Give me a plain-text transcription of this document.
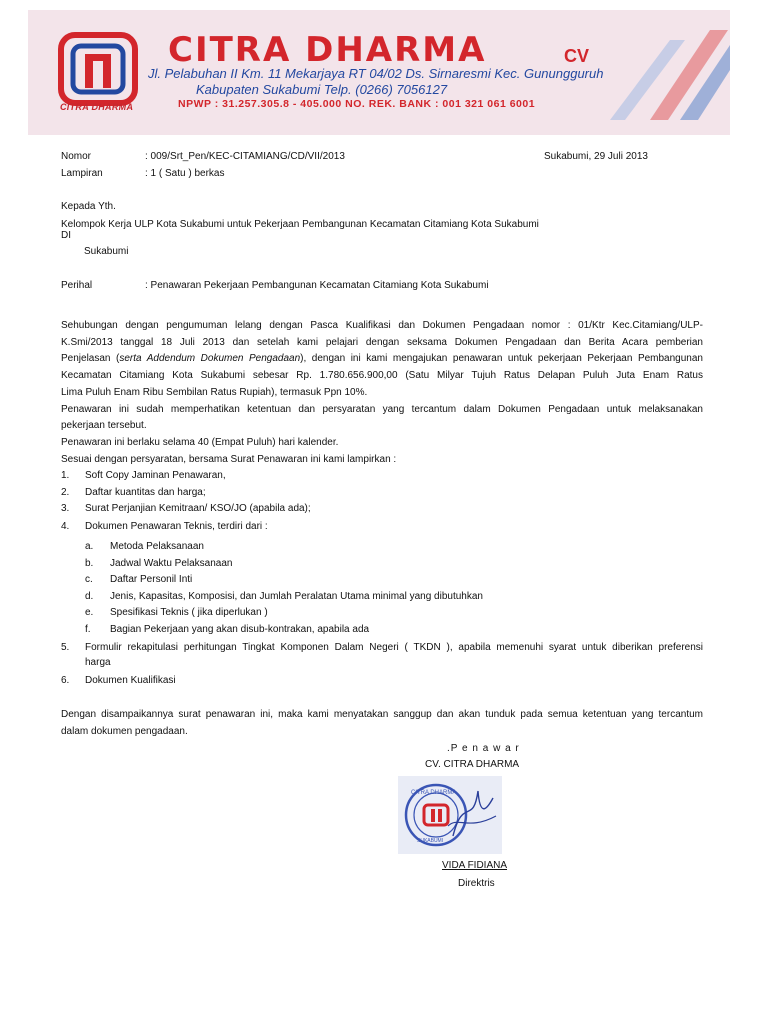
CITRA DHARMA
CITRA DHARMA	CV
Jl. Pelabuhan II Km. 11 Mekarjaya RT 04/02 Ds. Sirnaresmi Kec. Gunungguruh
Kabupaten Sukabumi Telp. (0266) 7056127
NPWP : 31.257.305.8 - 405.000 NO. REK. BANK : 001 321 061 6001
Nomor	: 009/Srt_Pen/KEC-CITAMIANG/CD/VII/2013	Sukabumi, 29 Juli 2013
Lampiran	: 1 ( Satu ) berkas
Kepada Yth.
Kelompok Kerja ULP Kota Sukabumi untuk Pekerjaan Pembangunan Kecamatan Citamiang Kota Sukabumi
DI
Sukabumi
Perihal	: Penawaran Pekerjaan Pembangunan Kecamatan Citamiang Kota Sukabumi
Sehubungan dengan pengumuman lelang dengan Pasca Kualifikasi dan Dokumen Pengadaan nomor : 01/Ktr Kec.Citamiang/ULP-
K.Smi/2013 tanggal 18 Juli 2013 dan setelah kami pelajari dengan seksama Dokumen Pengadaan dan Berita Acara pemberian
Penjelasan (serta Addendum Dokumen Pengadaan), dengan ini kami mengajukan penawaran untuk pekerjaan Pekerjaan Pembangunan
Kecamatan Citamiang Kota Sukabumi sebesar Rp. 1.780.656.900,00 (Satu Milyar Tujuh Ratus Delapan Puluh Juta Enam Ratus
Lima Puluh Enam Ribu Sembilan Ratus Rupiah), termasuk Ppn 10%.
Penawaran ini sudah memperhatikan ketentuan dan persyaratan yang tercantum dalam Dokumen Pengadaan untuk melaksanakan
pekerjaan tersebut.
Penawaran ini berlaku selama 40 (Empat Puluh) hari kalender.
Sesuai dengan persyaratan, bersama Surat Penawaran ini kami lampirkan :
1. Soft Copy Jaminan Penawaran,
2. Daftar kuantitas dan harga;
3. Surat Perjanjian Kemitraan/ KSO/JO (apabila ada);
4. Dokumen Penawaran Teknis, terdiri dari :
a. Metoda Pelaksanaan
b. Jadwal Waktu Pelaksanaan
c. Daftar Personil Inti
d. Jenis, Kapasitas, Komposisi, dan Jumlah Peralatan Utama minimal yang dibutuhkan
e. Spesifikasi Teknis ( jika diperlukan )
f. Bagian Pekerjaan yang akan disub-kontrakan, apabila ada
5. Formulir rekapitulasi perhitungan Tingkat Komponen Dalam Negeri ( TKDN ), apabila memenuhi syarat untuk diberikan preferensi
harga
6. Dokumen Kualifikasi
Dengan disampaikannya surat penawaran ini, maka kami menyatakan sanggup dan akan tunduk pada semua ketentuan yang tercantum
dalam dokumen pengadaan.
.P e n a w a r
CV. CITRA DHARMA
CITRA DHARMA
SUKABUMI
VIDA FIDIANA
Direktris
